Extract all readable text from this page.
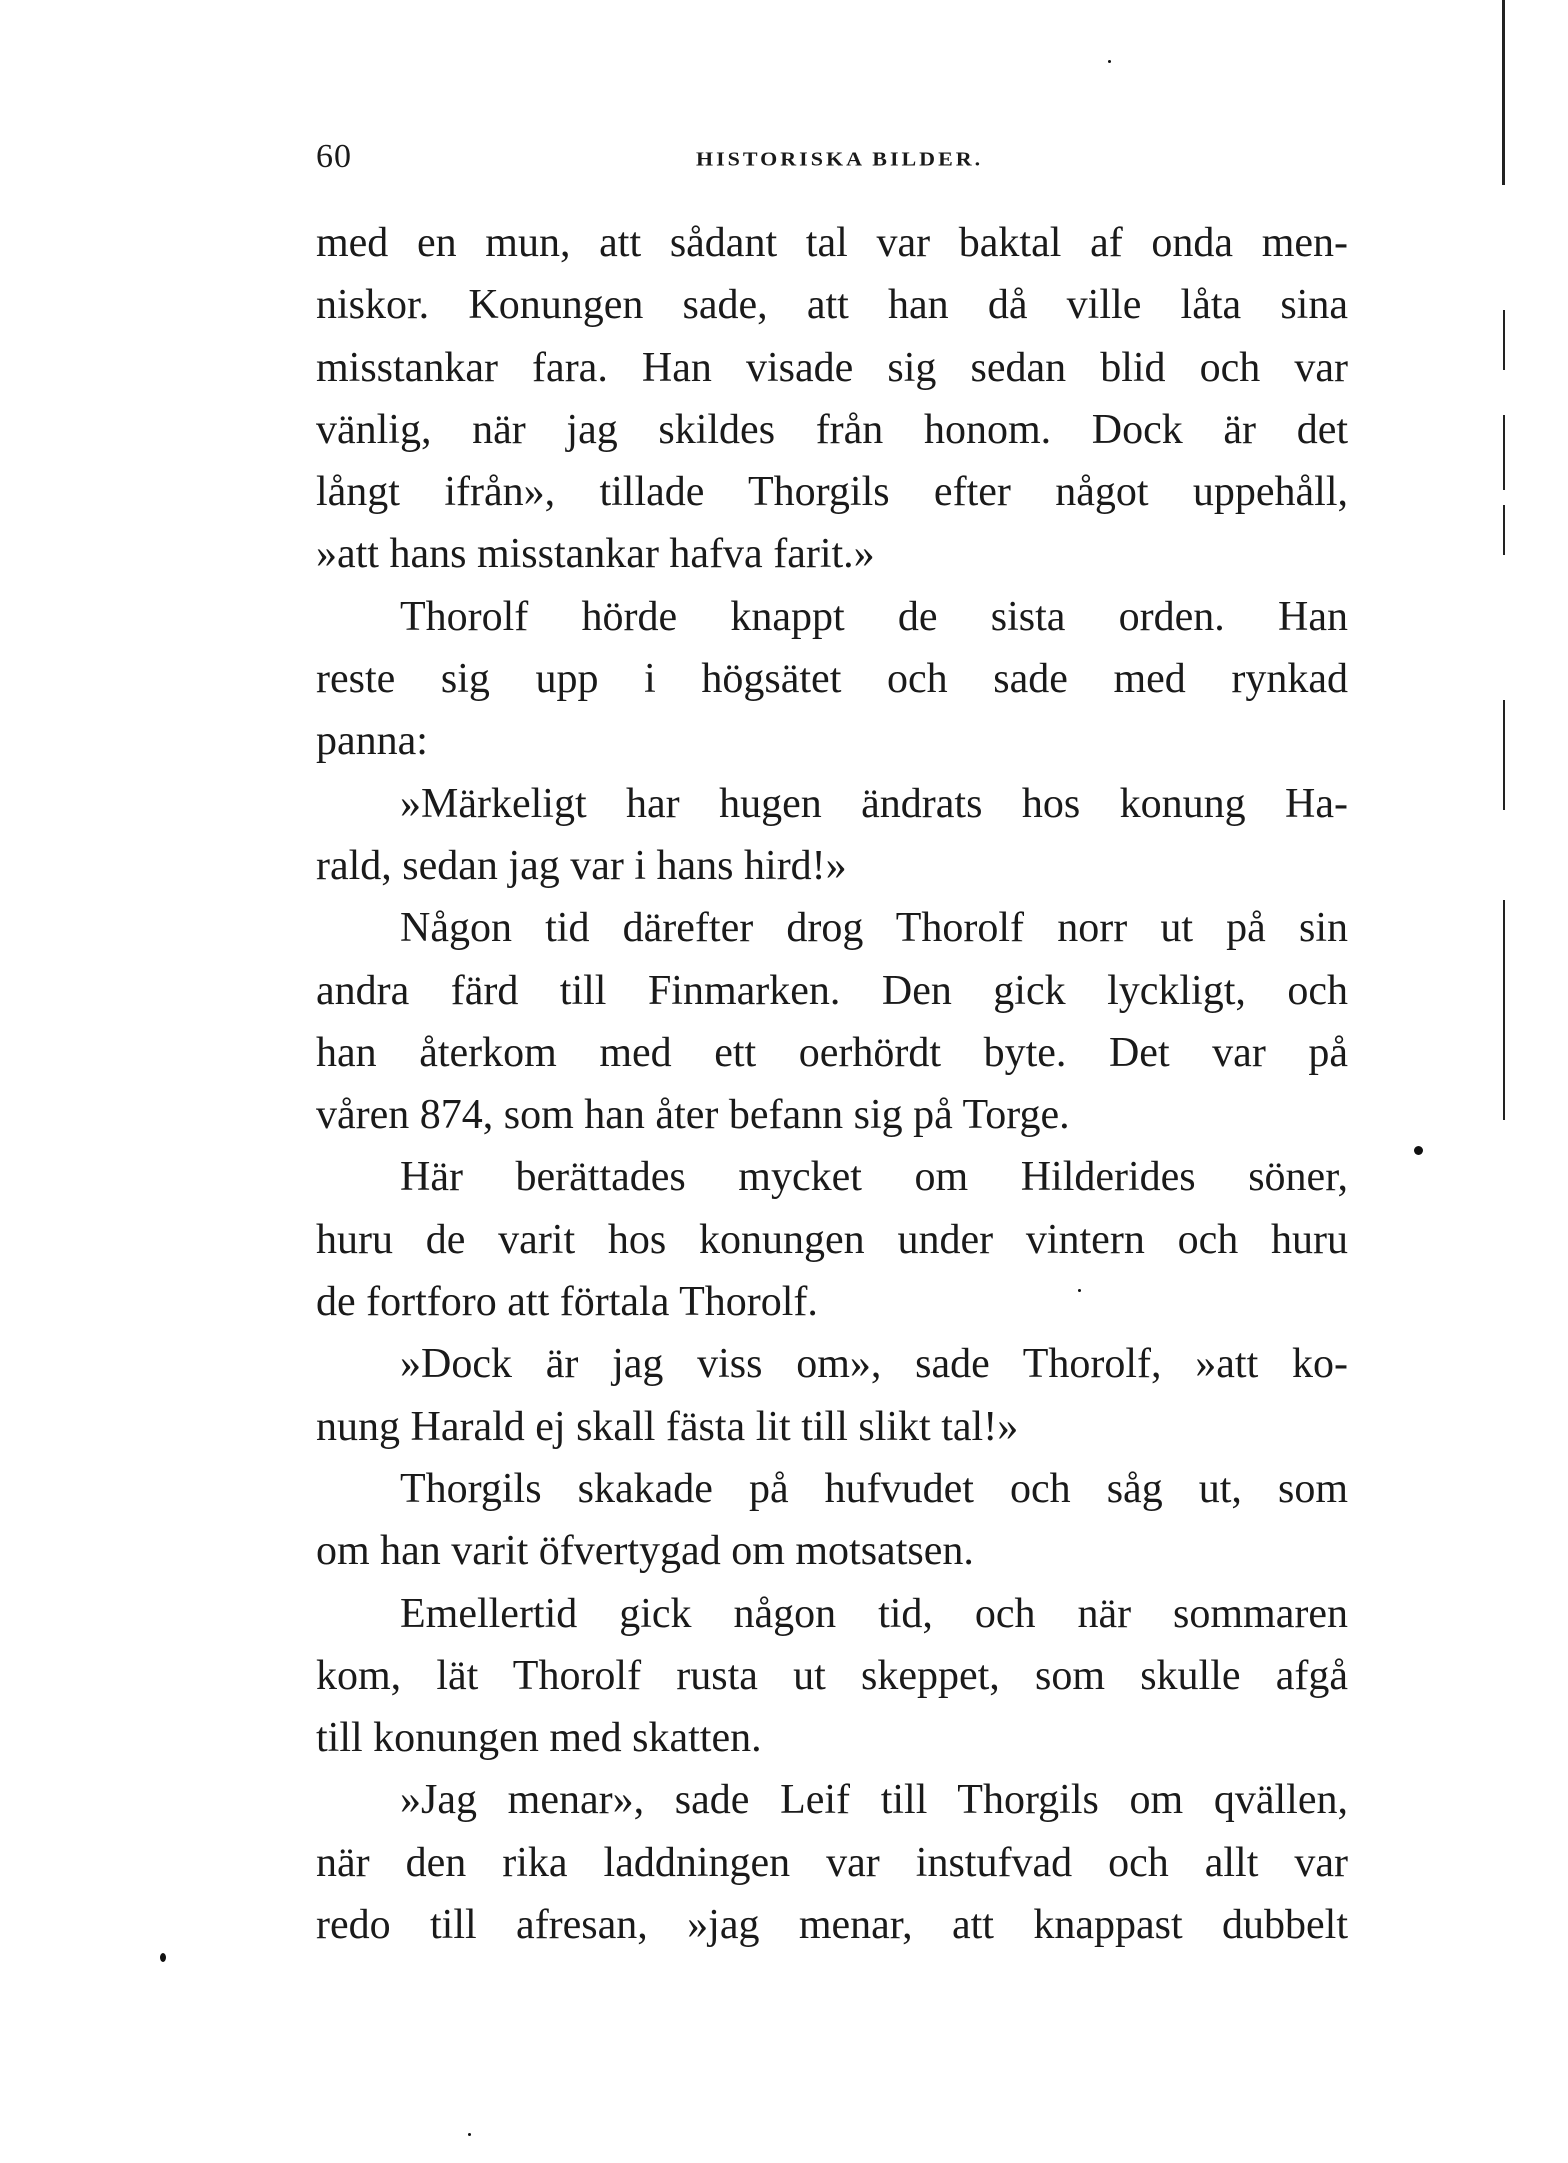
60	HISTORISKA BILDER.
med en mun, att sådant tal var baktal af onda men-
niskor. Konungen sade, att han då ville låta sina
misstankar fara. Han visade sig sedan blid och var
vänlig, när jag skildes från honom. Dock är det
långt ifrån», tillade Thorgils efter något uppehåll,
»att hans misstankar hafva farit.»
Thorolf hörde knappt de sista orden. Han
reste sig upp i högsätet och sade med rynkad
panna:
»Märkeligt har hugen ändrats hos konung Ha-
rald, sedan jag var i hans hird!»
Någon tid därefter drog Thorolf norr ut på sin
andra färd till Finmarken. Den gick lyckligt, och
han återkom med ett oerhördt byte. Det var på
våren 874, som han åter befann sig på Torge.
Här berättades mycket om Hilderides söner,
huru de varit hos konungen under vintern och huru
de fortforo att förtala Thorolf.
»Dock är jag viss om», sade Thorolf, »att ko-
nung Harald ej skall fästa lit till slikt tal!»
Thorgils skakade på hufvudet och såg ut, som
om han varit öfvertygad om motsatsen.
Emellertid gick någon tid, och när sommaren
kom, lät Thorolf rusta ut skeppet, som skulle afgå
till konungen med skatten.
»Jag menar», sade Leif till Thorgils om qvällen,
när den rika laddningen var instufvad och allt var
redo till afresan, »jag menar, att knappast dubbelt
